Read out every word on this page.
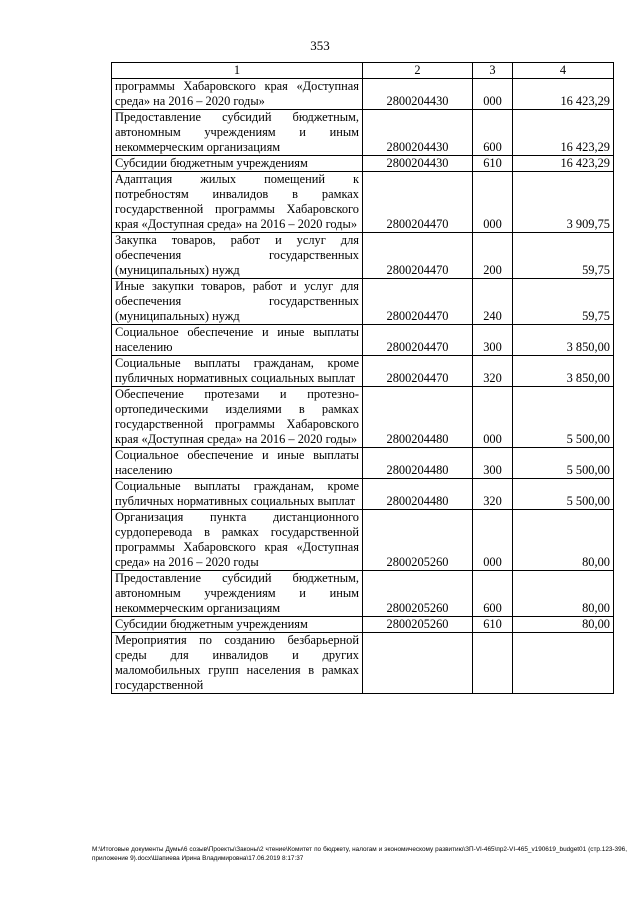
353
1	2	3	4
программы Хабаровского края «Доступная среда» на 2016 – 2020 годы»	2800204430	000	16 423,29
Предоставление субсидий бюджетным, автономным учреждениям и иным некоммерческим организациям	2800204430	600	16 423,29
Субсидии бюджетным учреждениям	2800204430	610	16 423,29
Адаптация жилых помещений к потребностям инвалидов в рамках государственной программы Хабаровского края «Доступная среда» на 2016 – 2020 годы»	2800204470	000	3 909,75
Закупка товаров, работ и услуг для обеспечения государственных (муниципальных) нужд	2800204470	200	59,75
Иные закупки товаров, работ и услуг для обеспечения государственных (муниципальных) нужд	2800204470	240	59,75
Социальное обеспечение и иные выплаты населению	2800204470	300	3 850,00
Социальные выплаты гражданам, кроме публичных нормативных социальных выплат	2800204470	320	3 850,00
Обеспечение протезами и протезно-ортопедическими изделиями в рамках государственной программы Хабаровского края «Доступная среда» на 2016 – 2020 годы»	2800204480	000	5 500,00
Социальное обеспечение и иные выплаты населению	2800204480	300	5 500,00
Социальные выплаты гражданам, кроме публичных нормативных социальных выплат	2800204480	320	5 500,00
Организация пункта дистанционного сурдоперевода в рамках государственной программы Хабаровского края «Доступная среда» на 2016 – 2020 годы	2800205260	000	80,00
Предоставление субсидий бюджетным, автономным учреждениям и иным некоммерческим организациям	2800205260	600	80,00
Субсидии бюджетным учреждениям	2800205260	610	80,00
Мероприятия по созданию безбарьерной среды для инвалидов и других маломобильных групп населения в рамках государственной			
M:\Итоговые документы Думы\6 созыв\Проекты\Законы\2 чтение\Комитет по бюджету, налогам и экономическому развитию\ЗП-VI-465\пр2-VI-465_v190619_budget01 (стр.123-396, приложение 9).docx\Шапиева Ирина Владимировна\17.06.2019 8:17:37
